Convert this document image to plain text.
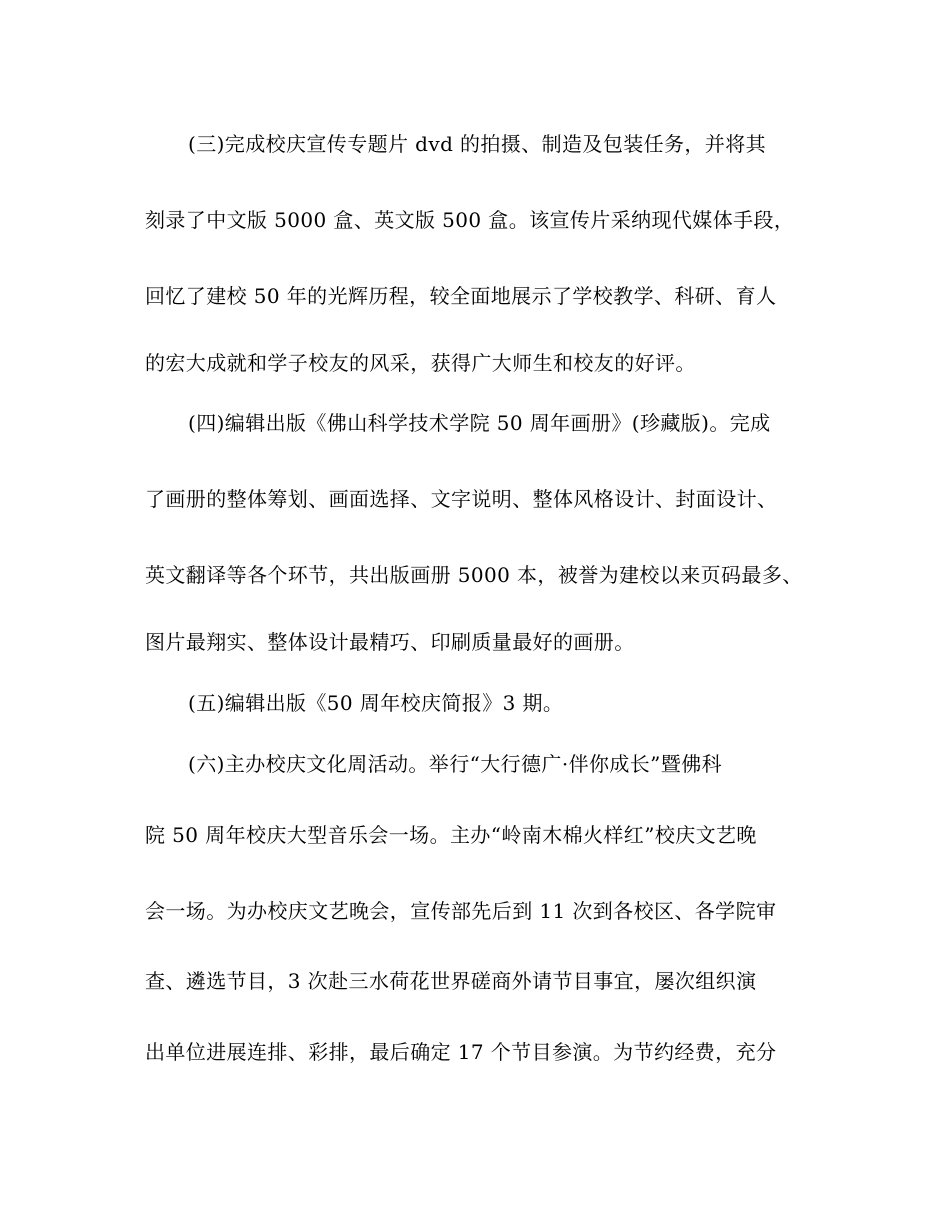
(三)完成校庆宣传专题片 dvd 的拍摄、制造及包装任务，并将其
刻录了中文版 5000 盒、英文版 500 盒。该宣传片采纳现代媒体手段，
回忆了建校 50 年的光辉历程，较全面地展示了学校教学、科研、育人
的宏大成就和学子校友的风采，获得广大师生和校友的好评。
(四)编辑出版《佛山科学技术学院 50 周年画册》(珍藏版)。完成
了画册的整体筹划、画面选择、文字说明、整体风格设计、封面设计、
英文翻译等各个环节，共出版画册 5000 本，被誉为建校以来页码最多、
图片最翔实、整体设计最精巧、印刷质量最好的画册。
(五)编辑出版《50 周年校庆简报》3 期。
(六)主办校庆文化周活动。举行“大行德广·伴你成长”暨佛科
院 50 周年校庆大型音乐会一场。主办“岭南木棉火样红”校庆文艺晚
会一场。为办校庆文艺晚会，宣传部先后到 11 次到各校区、各学院审
查、遴选节目，3 次赴三水荷花世界磋商外请节目事宜，屡次组织演
出单位进展连排、彩排，最后确定 17 个节目参演。为节约经费，充分
